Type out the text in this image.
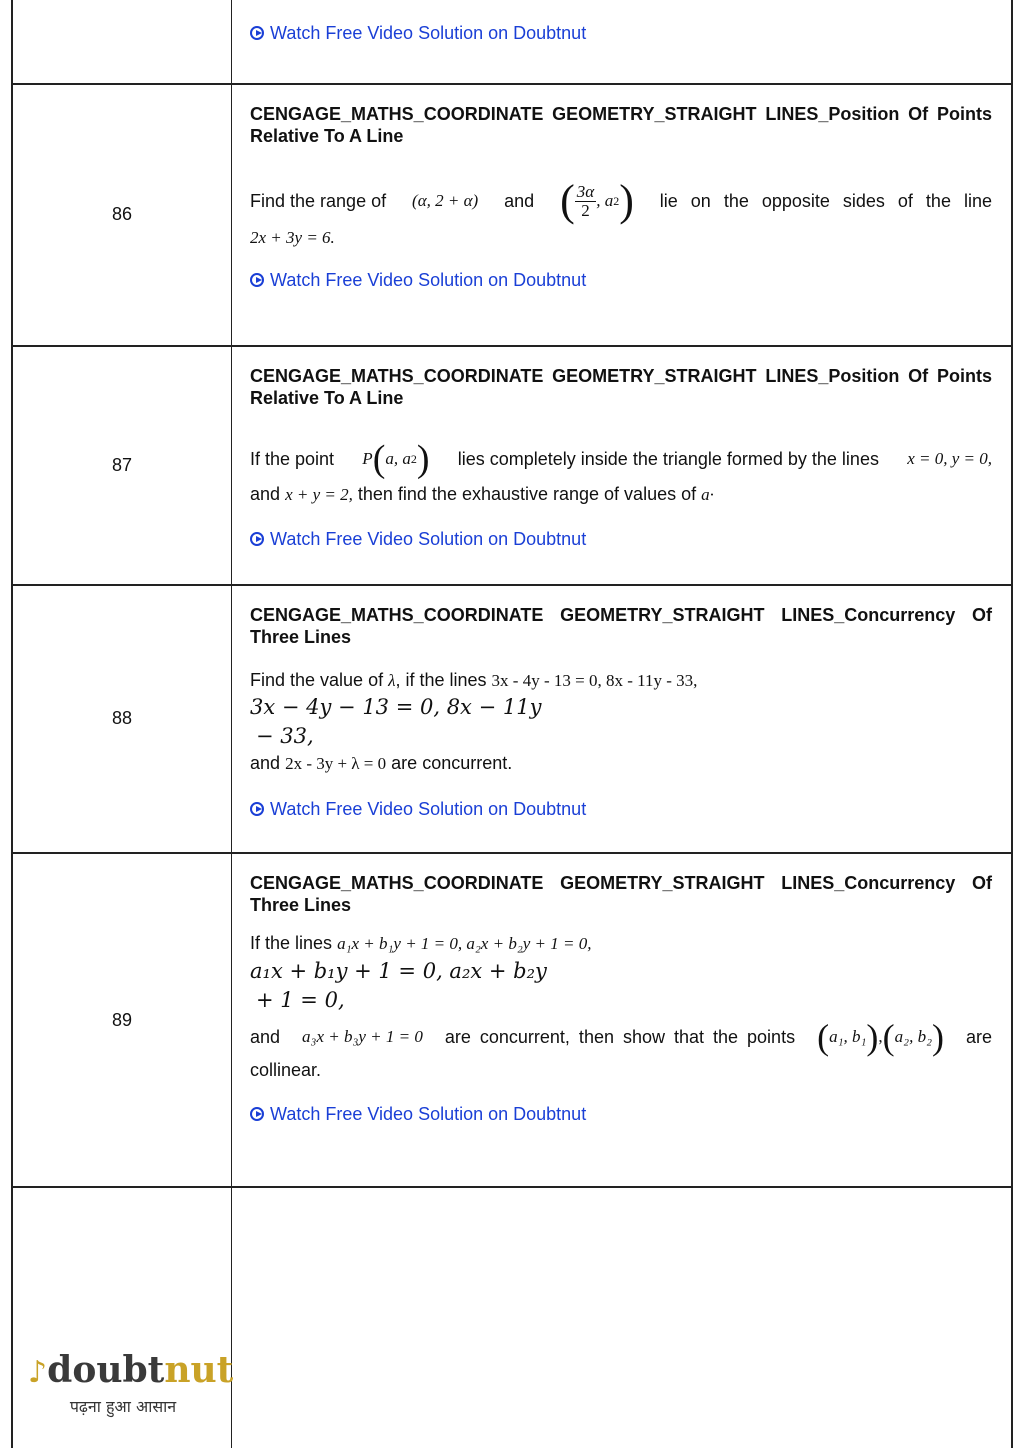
Watch Free Video Solution on Doubtnut
86
CENGAGE_MATHS_COORDINATE GEOMETRY_STRAIGHT LINES_Position Of Points Relative To A Line
Find the range of (α, 2 + α) and ( $\frac{3\alpha}{2}$ , a 2 ) lie on the opposite sides of the line
2x + 3y = 6.
Watch Free Video Solution on Doubtnut
87
CENGAGE_MATHS_COORDINATE GEOMETRY_STRAIGHT LINES_Position Of Points Relative To A Line
If the point P ( a, a 2 ) lies completely inside the triangle formed by the lines x = 0, y = 0,
and x + y = 2, then find the exhaustive range of values of a·
Watch Free Video Solution on Doubtnut
88
CENGAGE_MATHS_COORDINATE GEOMETRY_STRAIGHT LINES_Concurrency Of Three Lines
Find the value of λ, if the lines 3x - 4y - 13 = 0, 8x - 11y - 33,
3x − 4y − 13 = 0, 8x − 11y
− 33,
and 2x - 3y + λ = 0 are concurrent.
Watch Free Video Solution on Doubtnut
89
CENGAGE_MATHS_COORDINATE GEOMETRY_STRAIGHT LINES_Concurrency Of Three Lines
If the lines a₁x + b₁y + 1 = 0, a₂x + b₂y + 1 = 0,
a₁x + b₁y + 1 = 0, a₂x + b₂y
+ 1 = 0,
and a₃x + b₃y + 1 = 0 are concurrent, then show that the points ( a₁, b₁ ) , ( a₂, b₂ ) are
collinear.
Watch Free Video Solution on Doubtnut
♪doubtnut
पढ़ना हुआ आसान
